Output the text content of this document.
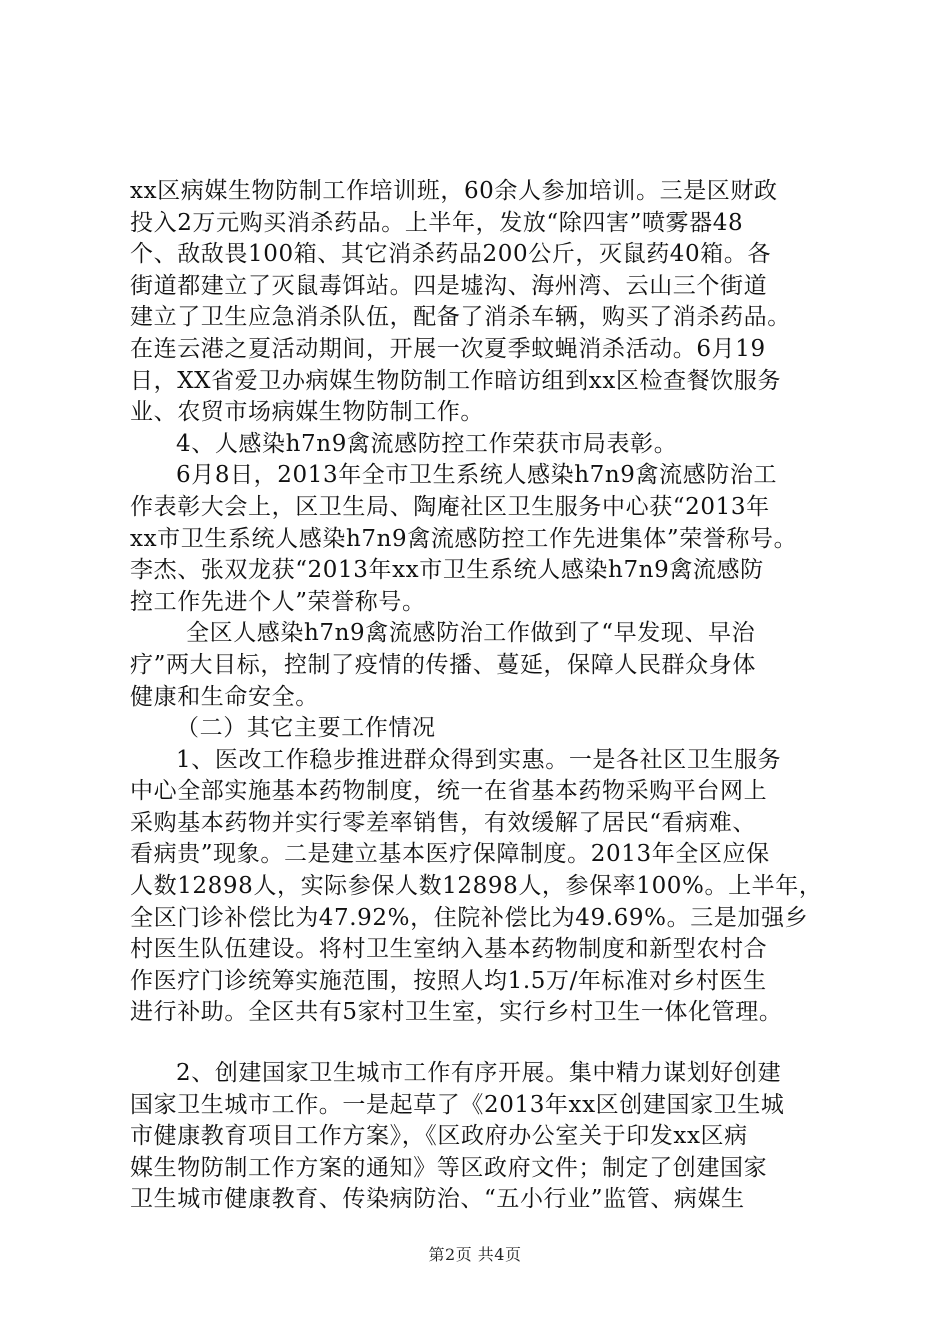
xx区病媒生物防制工作培训班，60余人参加培训。三是区财政
投入2万元购买消杀药品。上半年，发放“除四害”喷雾器48
个、敌敌畏100箱、其它消杀药品200公斤，灭鼠药40箱。各
街道都建立了灭鼠毒饵站。四是墟沟、海州湾、云山三个街道
建立了卫生应急消杀队伍，配备了消杀车辆，购买了消杀药品。
在连云港之夏活动期间，开展一次夏季蚊蝇消杀活动。6月19
日，XX省爱卫办病媒生物防制工作暗访组到xx区检查餐饮服务
业、农贸市场病媒生物防制工作。
4、人感染h7n9禽流感防控工作荣获市局表彰。
6月8日，2013年全市卫生系统人感染h7n9禽流感防治工
作表彰大会上，区卫生局、陶庵社区卫生服务中心获“2013年
xx市卫生系统人感染h7n9禽流感防控工作先进集体”荣誉称号。
李杰、张双龙获“2013年xx市卫生系统人感染h7n9禽流感防
控工作先进个人”荣誉称号。
全区人感染h7n9禽流感防治工作做到了“早发现、早治
疗”两大目标，控制了疫情的传播、蔓延，保障人民群众身体
健康和生命安全。
（二）其它主要工作情况
1、医改工作稳步推进群众得到实惠。一是各社区卫生服务
中心全部实施基本药物制度，统一在省基本药物采购平台网上
采购基本药物并实行零差率销售，有效缓解了居民“看病难、
看病贵”现象。二是建立基本医疗保障制度。2013年全区应保
人数12898人，实际参保人数12898人，参保率100%。上半年，
全区门诊补偿比为47.92%，住院补偿比为49.69%。三是加强乡
村医生队伍建设。将村卫生室纳入基本药物制度和新型农村合
作医疗门诊统筹实施范围，按照人均1.5万/年标准对乡村医生
进行补助。全区共有5家村卫生室，实行乡村卫生一体化管理。
2、创建国家卫生城市工作有序开展。集中精力谋划好创建
国家卫生城市工作。一是起草了《2013年xx区创建国家卫生城
市健康教育项目工作方案》，《区政府办公室关于印发xx区病
媒生物防制工作方案的通知》等区政府文件；制定了创建国家
卫生城市健康教育、传染病防治、“五小行业”监管、病媒生
第2页 共4页
